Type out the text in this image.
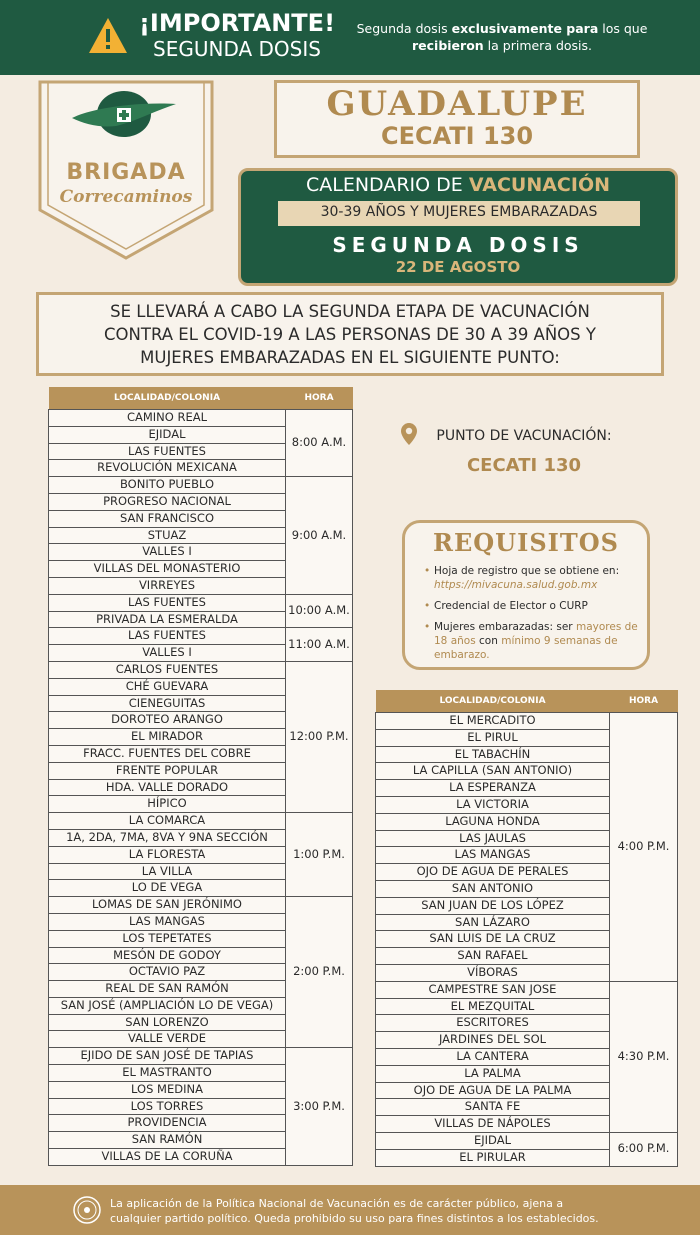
¡IMPORTANTE!
SEGUNDA DOSIS
Segunda dosis exclusivamente para los que
recibieron la primera dosis.
BRIGADA
Correcaminos
GUADALUPE
CECATI 130
CALENDARIO DE VACUNACIÓN
30-39 AÑOS Y MUJERES EMBARAZADAS
SEGUNDA DOSIS
22 DE AGOSTO
SE LLEVARÁ A CABO LA SEGUNDA ETAPA DE VACUNACIÓN
CONTRA EL COVID-19 A LAS PERSONAS DE 30 A 39 AÑOS Y
MUJERES EMBARAZADAS EN EL SIGUIENTE PUNTO:
LOCALIDAD/COLONIA	HORA
CAMINO REAL	8:00 A.M.
EJIDAL	
LAS FUENTES	
REVOLUCIÓN MEXICANA	
BONITO PUEBLO	9:00 A.M.
PROGRESO NACIONAL	
SAN FRANCISCO	
STUAZ	
VALLES I	
VILLAS DEL MONASTERIO	
VIRREYES	
LAS FUENTES	10:00 A.M.
PRIVADA LA ESMERALDA	
LAS FUENTES	11:00 A.M.
VALLES I	
CARLOS FUENTES	12:00 P.M.
CHÉ GUEVARA	
CIENEGUITAS	
DOROTEO ARANGO	
EL MIRADOR	
FRACC. FUENTES DEL COBRE	
FRENTE POPULAR	
HDA. VALLE DORADO	
HÍPICO	
LA COMARCA	1:00 P.M.
1A, 2DA, 7MA, 8VA Y 9NA SECCIÓN	
LA FLORESTA	
LA VILLA	
LO DE VEGA	
LOMAS DE SAN JERÓNIMO	2:00 P.M.
LAS MANGAS	
LOS TEPETATES	
MESÓN DE GODOY	
OCTAVIO PAZ	
REAL DE SAN RAMÓN	
SAN JOSÉ (AMPLIACIÓN LO DE VEGA)	
SAN LORENZO	
VALLE VERDE	
EJIDO DE SAN JOSÉ DE TAPIAS	3:00 P.M.
EL MASTRANTO	
LOS MEDINA	
LOS TORRES	
PROVIDENCIA	
SAN RAMÓN	
VILLAS DE LA CORUÑA	
PUNTO DE VACUNACIÓN:
CECATI 130
REQUISITOS
• Hoja de registro que se obtiene en: https://mivacuna.salud.gob.mx
• Credencial de Elector o CURP
• Mujeres embarazadas: ser mayores de 18 años con mínimo 9 semanas de embarazo.
LOCALIDAD/COLONIA	HORA
EL MERCADITO	4:00 P.M.
EL PIRUL	
EL TABACHÍN	
LA CAPILLA (SAN ANTONIO)	
LA ESPERANZA	
LA VICTORIA	
LAGUNA HONDA	
LAS JAULAS	
LAS MANGAS	
OJO DE AGUA DE PERALES	
SAN ANTONIO	
SAN JUAN DE LOS LÓPEZ	
SAN LÁZARO	
SAN LUIS DE LA CRUZ	
SAN RAFAEL	
VÍBORAS	
CAMPESTRE SAN JOSE	4:30 P.M.
EL MEZQUITAL	
ESCRITORES	
JARDINES DEL SOL	
LA CANTERA	
LA PALMA	
OJO DE AGUA DE LA PALMA	
SANTA FE	
VILLAS DE NÁPOLES	
EJIDAL	6:00 P.M.
EL PIRULAR	
La aplicación de la Política Nacional de Vacunación es de carácter público, ajena a
cualquier partido político. Queda prohibido su uso para fines distintos a los establecidos.
